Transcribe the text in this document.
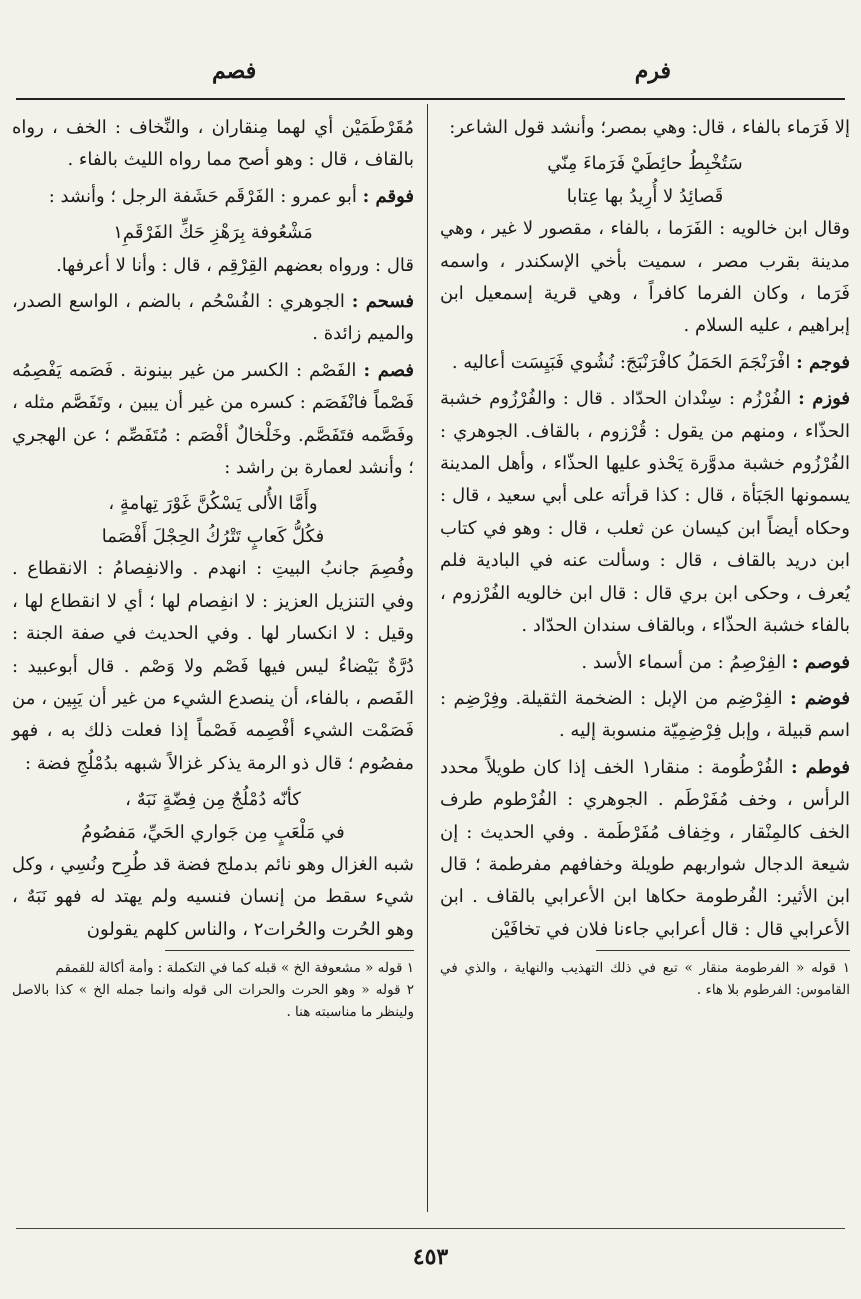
فرم
فصم

إلا فَرَماء بالفاء ، قال: وهي بمصر؛ وأنشد قول الشاعر:

سَتُخْبِطُ حائِطَيْ فَرَماءَ مِنّي

قَصائِدُ لا أُرِيدُ بها عِتابا

وقال ابن خالويه : الفَرَما ، بالفاء ، مقصور لا غير ، وهي مدينة بقرب مصر ، سميت بأخي الإسكندر ، واسمه فَرَما ، وكان الفرما كافراً ، وهي قرية إسمعيل ابن إبراهيم ، عليه السلام .

فوجم : افْرَنْجَمَ الحَمَلُ كافْرَنْبَجَ: نُشُوي فَبَيِسَت أعاليه .

فوزم : الفُرْزُم : سِنْدان الحدّاد . قال : والفُرْزُوم خشبة الحذّاء ، ومنهم من يقول : قُرْزوم ، بالقاف. الجوهري : الفُرْزُوم خشبة مدوَّرة يَحْذو عليها الحذّاء ، وأهل المدينة يسمونها الجَبَأة ، قال : كذا قرأته على أبي سعيد ، قال : وحكاه أيضاً ابن كيسان عن ثعلب ، قال : وهو في كتاب ابن دريد بالقاف ، قال : وسألت عنه في البادية فلم يُعرف ، وحكى ابن بري قال : قال ابن خالويه الفُرْزوم ، بالفاء خشبة الحذّاء ، وبالقاف سندان الحدّاد .

فوصم : الفِرْصِمُ : من أسماء الأسد .

فوضم : الفِرْضِم من الإبل : الضخمة الثقيلة. وفِرْضِم : اسم قبيلة ، وإبل فِرْضِمِيّة منسوبة إليه .

فوطم : الفُرْطُومة : منقار١ الخف إذا كان طويلاً محدد الرأس ، وخف مُفَرْطَم . الجوهري : الفُرْطوم طرف الخف كالمِنْقار ، وخِفاف مُفَرْطَمة . وفي الحديث : إن شيعة الدجال شواربهم طويلة وخفافهم مفرطمة ؛ قال ابن الأثير: الفُرطومة حكاها ابن الأعرابي بالقاف . ابن الأعرابي قال : قال أعرابي جاءنا فلان في تخافَيْن

١ قوله « الفرطومة منقار » تبع في ذلك التهذيب والنهاية ، والذي في القاموس: الفرطوم بلا هاء .

مُقَرْطَمَيْن أي لهما مِنقاران ، والنِّخاف : الخف ، رواه بالقاف ، قال : وهو أصح مما رواه الليث بالفاء .

فوقم : أبو عمرو : الفَرْقَم حَشَفة الرجل ؛ وأنشد :

مَشْعُوفة بِرَهْزِ حَكِّ الفَرْقَمِ١

قال : ورواه بعضهم القِرْقِم ، قال : وأنا لا أعرفها.

فسحم : الجوهري : الفُسْحُم ، بالضم ، الواسع الصدر، والميم زائدة .

فصم : الفَصْم : الكسر من غير بينونة . فَصَمه يَفْصِمُه فَصْماً فانْفَصَم : كسره من غير أن يبين ، وتَفَصَّم مثله ، وفَصَّمه فتَفَصَّم. وخَلْخالٌ أفْصَم : مُتَفَصِّم ؛ عن الهجري ؛ وأنشد لعمارة بن راشد :

وأَمَّا الأُلى يَسْكُنَّ غَوْرَ تِهامةٍ ،

فكُلُّ كَعابٍ تَتْرُكُ الحِجْلَ أَفْصَما

وفُصِمَ جانبُ البيتِ : انهدم . والانفِصامُ : الانقطاع . وفي التنزيل العزيز : لا انفِصام لها ؛ أي لا انقطاع لها ، وقيل : لا انكسار لها . وفي الحديث في صفة الجنة : دُرَّةٌ بَيْضاءُ ليس فيها فَصْم ولا وَصْم . قال أبوعبيد : الفَصم ، بالفاء، أن ينصدع الشيء من غير أن يَبِين ، من فَصَمْت الشيء أفْصِمه فَصْماً إذا فعلت ذلك به ، فهو مفصُوم ؛ قال ذو الرمة يذكر غزالاً شبهه بدُمْلُجِ فضة :

كأنّه دُمْلُجٌ مِن فِضّةٍ نَبَهٌ ،

في مَلْعَبٍ مِن جَواري الحَيِّ، مَفصُومُ

شبه الغزال وهو نائم بدملج فضة قد طُرِح ونُسِي ، وكل شيء سقط من إنسان فنسيه ولم يهتد له فهو نَبَهٌ ، وهو الحُرت والحُرات٢ ، والناس كلهم يقولون

١ قوله « مشعوفة الخ » قبله كما في التكملة : وأمة أكالة للقمقم

٢ قوله « وهو الحرت والحرات الى قوله وانما جمله الخ » كذا بالاصل ولينظر ما مناسبته هنا .

٤٥٣
